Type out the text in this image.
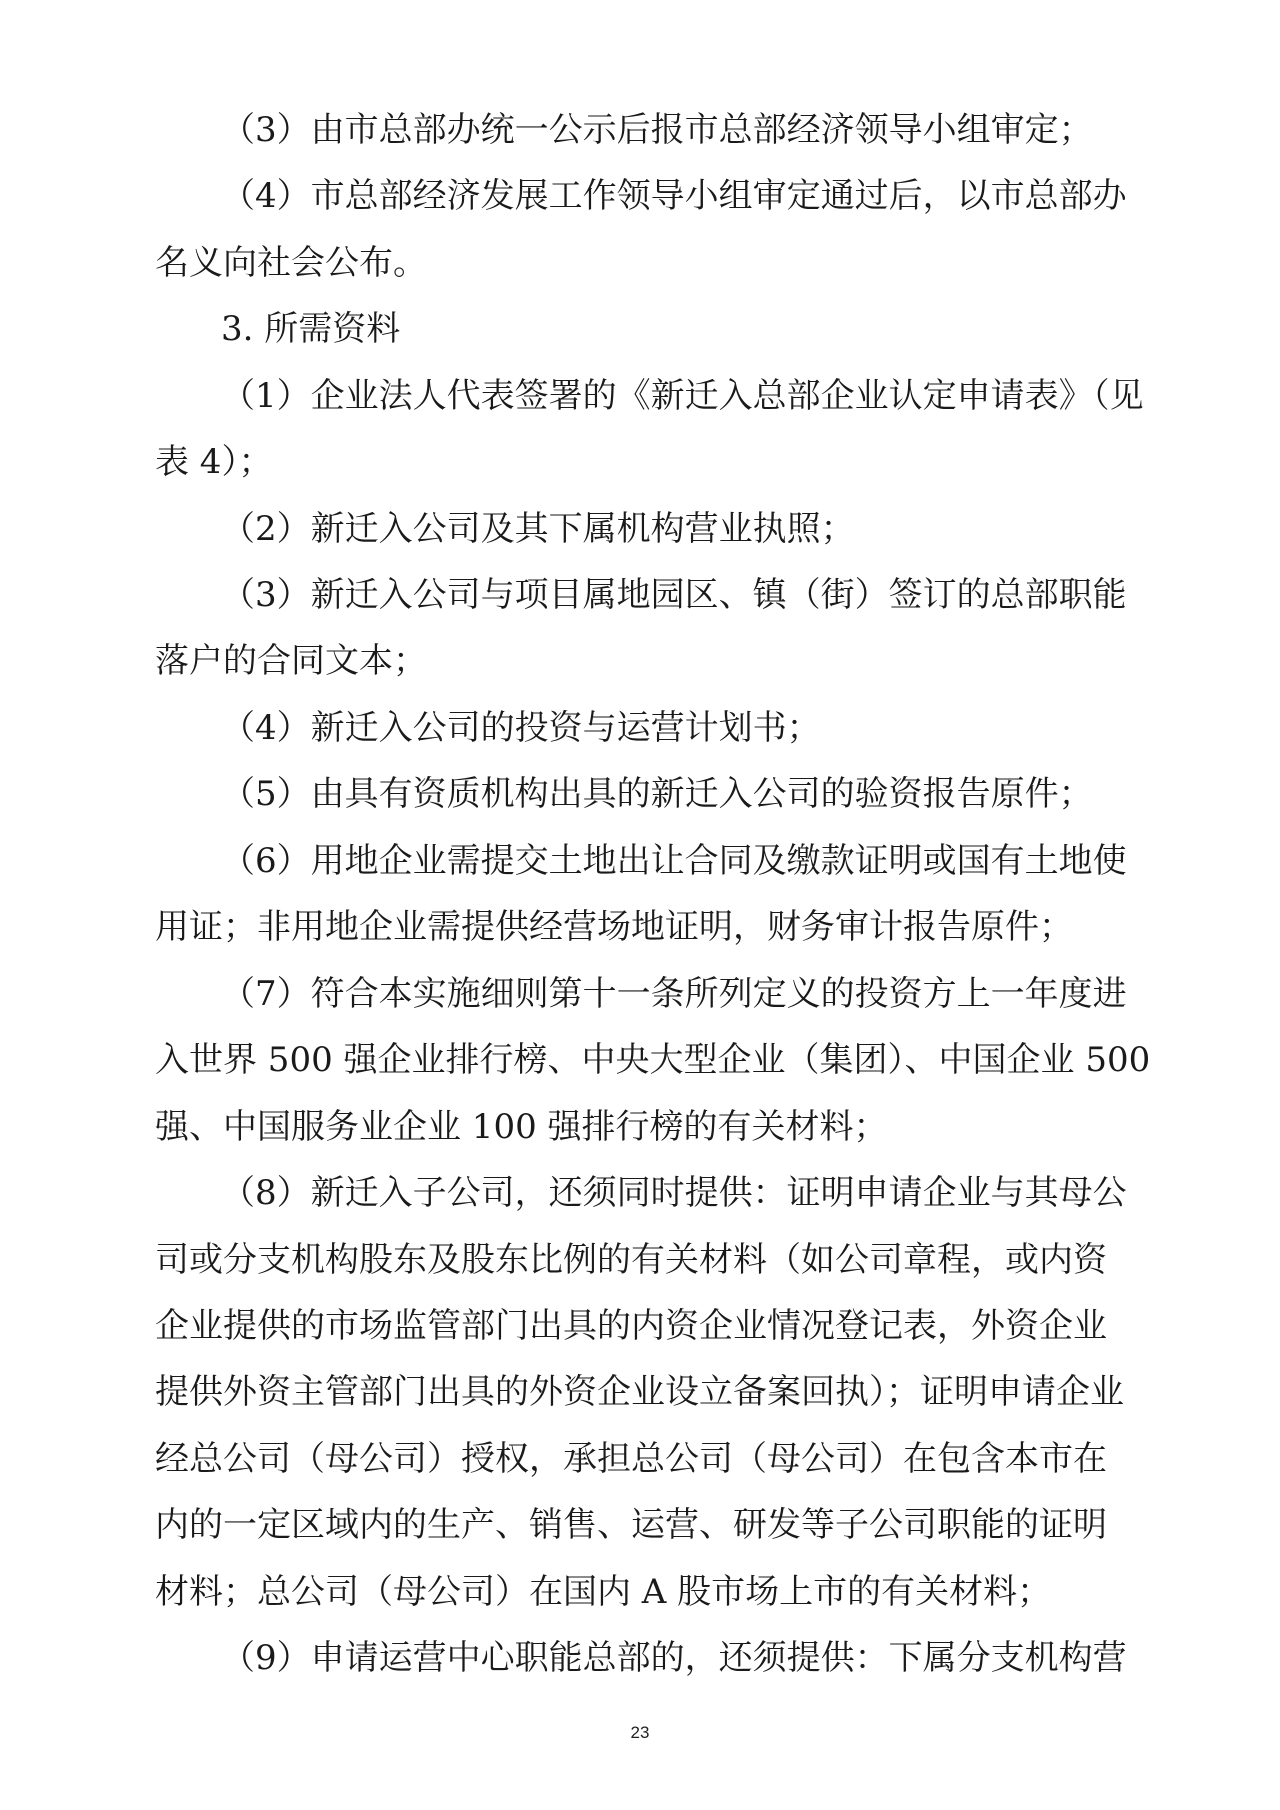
（3）由市总部办统一公示后报市总部经济领导小组审定；
（4）市总部经济发展工作领导小组审定通过后，以市总部办
名义向社会公布。
3. 所需资料
（1）企业法人代表签署的《新迁入总部企业认定申请表》（见
表 4）；
（2）新迁入公司及其下属机构营业执照；
（3）新迁入公司与项目属地园区、镇（街）签订的总部职能
落户的合同文本；
（4）新迁入公司的投资与运营计划书；
（5）由具有资质机构出具的新迁入公司的验资报告原件；
（6）用地企业需提交土地出让合同及缴款证明或国有土地使
用证；非用地企业需提供经营场地证明，财务审计报告原件；
（7）符合本实施细则第十一条所列定义的投资方上一年度进
入世界 500 强企业排行榜、中央大型企业（集团）、中国企业 500
强、中国服务业企业 100 强排行榜的有关材料；
（8）新迁入子公司，还须同时提供：证明申请企业与其母公
司或分支机构股东及股东比例的有关材料（如公司章程，或内资
企业提供的市场监管部门出具的内资企业情况登记表，外资企业
提供外资主管部门出具的外资企业设立备案回执）；证明申请企业
经总公司（母公司）授权，承担总公司（母公司）在包含本市在
内的一定区域内的生产、销售、运营、研发等子公司职能的证明
材料；总公司（母公司）在国内 A 股市场上市的有关材料；
（9）申请运营中心职能总部的，还须提供：下属分支机构营
23
